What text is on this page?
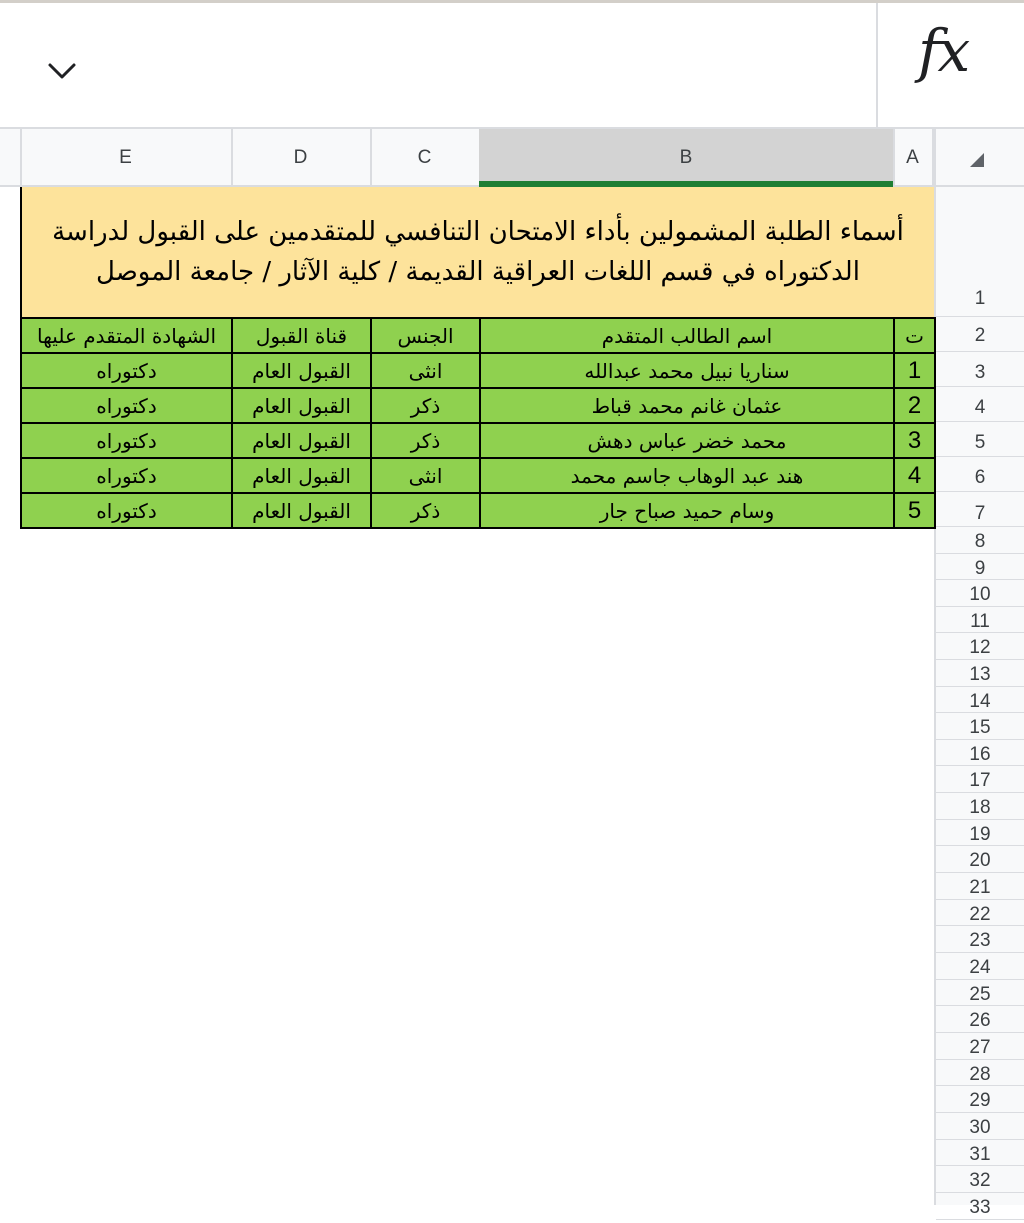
fx
E	D	C	B	A
1
2
3
4
5
6
7
8
9
10
11
12
13
14
15
16
17
18
19
20
21
22
23
24
25
26
27
28
29
30
31
32
33
أسماء الطلبة المشمولين بأداء الامتحان التنافسي للمتقدمين على القبول لدراسة
الدكتوراه في قسم اللغات العراقية القديمة / كلية الآثار / جامعة الموصل
الشهادة المتقدم عليها	قناة القبول	الجنس	اسم الطالب المتقدم	ت
دكتوراه	القبول العام	انثى	سناريا نبيل محمد عبدالله	1
دكتوراه	القبول العام	ذكر	عثمان غانم محمد قباط	2
دكتوراه	القبول العام	ذكر	محمد خضر عباس دهش	3
دكتوراه	القبول العام	انثى	هند عبد الوهاب جاسم محمد	4
دكتوراه	القبول العام	ذكر	وسام حميد صباح جار	5
